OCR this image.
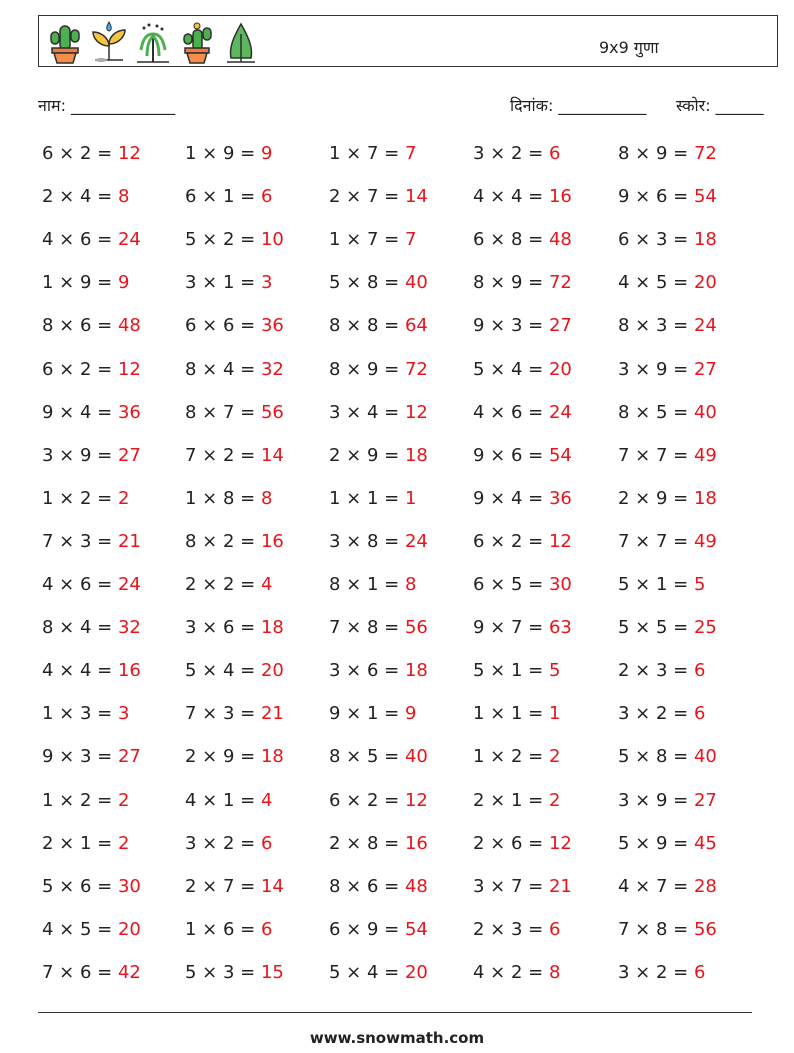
9x9 गुणा
नाम: _____________	दिनांक: ___________ स्कोर: ______
6 × 2 = 12 1 × 9 = 9	1 × 7 = 7	3 × 2 = 6	8 × 9 = 72
2 × 4 = 8	6 × 1 = 6	2 × 7 = 14	4 × 4 = 16	9 × 6 = 54
4 × 6 = 24 5 × 2 = 10	1 × 7 = 7	6 × 8 = 48	6 × 3 = 18
1 × 9 = 9	3 × 1 = 3	5 × 8 = 40	8 × 9 = 72	4 × 5 = 20
8 × 6 = 48 6 × 6 = 36	8 × 8 = 64	9 × 3 = 27	8 × 3 = 24
6 × 2 = 12 8 × 4 = 32	8 × 9 = 72	5 × 4 = 20	3 × 9 = 27
9 × 4 = 36 8 × 7 = 56	3 × 4 = 12	4 × 6 = 24	8 × 5 = 40
3 × 9 = 27 7 × 2 = 14	2 × 9 = 18	9 × 6 = 54	7 × 7 = 49
1 × 2 = 2	1 × 8 = 8	1 × 1 = 1	9 × 4 = 36	2 × 9 = 18
7 × 3 = 21 8 × 2 = 16	3 × 8 = 24	6 × 2 = 12	7 × 7 = 49
4 × 6 = 24 2 × 2 = 4	8 × 1 = 8	6 × 5 = 30	5 × 1 = 5
8 × 4 = 32 3 × 6 = 18	7 × 8 = 56	9 × 7 = 63	5 × 5 = 25
4 × 4 = 16 5 × 4 = 20	3 × 6 = 18	5 × 1 = 5	2 × 3 = 6
1 × 3 = 3	7 × 3 = 21	9 × 1 = 9	1 × 1 = 1	3 × 2 = 6
9 × 3 = 27 2 × 9 = 18	8 × 5 = 40	1 × 2 = 2	5 × 8 = 40
1 × 2 = 2	4 × 1 = 4	6 × 2 = 12	2 × 1 = 2	3 × 9 = 27
2 × 1 = 2	3 × 2 = 6	2 × 8 = 16	2 × 6 = 12	5 × 9 = 45
5 × 6 = 30 2 × 7 = 14	8 × 6 = 48	3 × 7 = 21	4 × 7 = 28
4 × 5 = 20 1 × 6 = 6	6 × 9 = 54	2 × 3 = 6	7 × 8 = 56
7 × 6 = 42 5 × 3 = 15	5 × 4 = 20	4 × 2 = 8	3 × 2 = 6
www.snowmath.com
